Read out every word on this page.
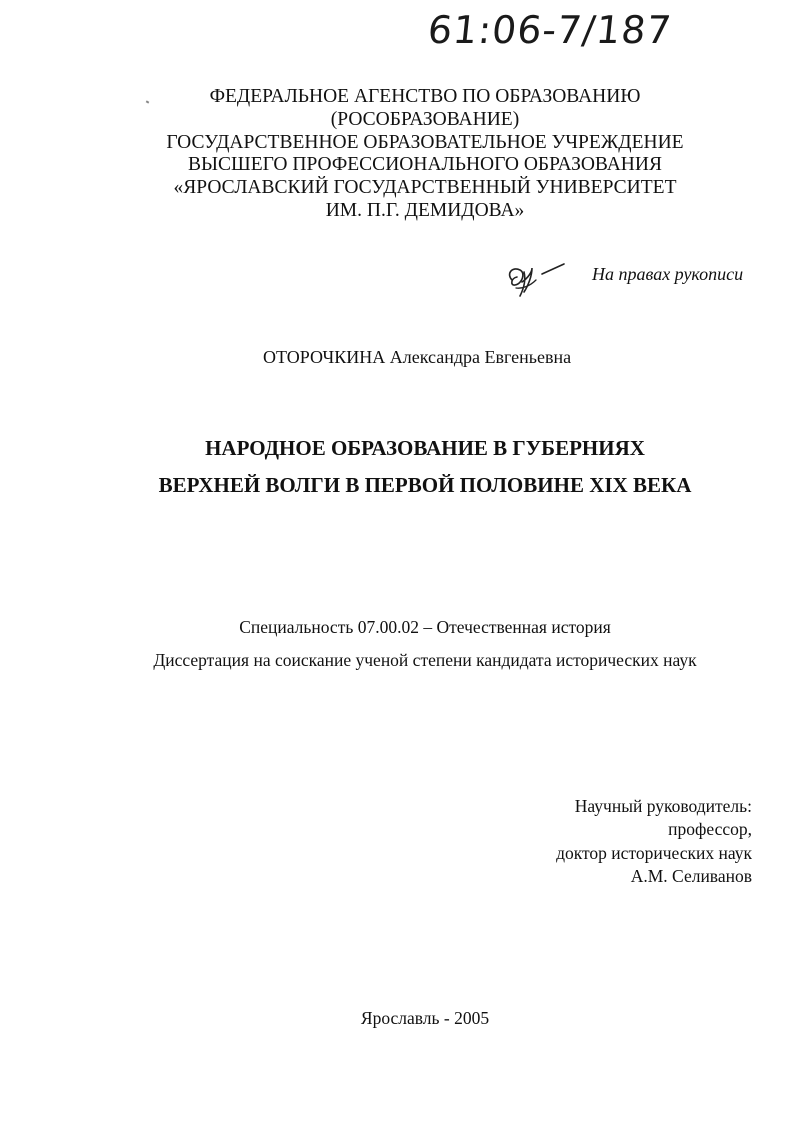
61:06-7/187
ФЕДЕРАЛЬНОЕ АГЕНСТВО ПО ОБРАЗОВАНИЮ
(РОСОБРАЗОВАНИЕ)
ГОСУДАРСТВЕННОЕ ОБРАЗОВАТЕЛЬНОЕ УЧРЕЖДЕНИЕ
ВЫСШЕГО ПРОФЕССИОНАЛЬНОГО ОБРАЗОВАНИЯ
«ЯРОСЛАВСКИЙ ГОСУДАРСТВЕННЫЙ УНИВЕРСИТЕТ
ИМ. П.Г. ДЕМИДОВА»
На правах рукописи
ОТОРОЧКИНА Александра Евгеньевна
НАРОДНОЕ ОБРАЗОВАНИЕ В ГУБЕРНИЯХ
ВЕРХНЕЙ ВОЛГИ В ПЕРВОЙ ПОЛОВИНЕ XIX ВЕКА
Специальность 07.00.02 – Отечественная история
Диссертация на соискание ученой степени кандидата исторических наук
Научный руководитель:
профессор,
доктор исторических наук
А.М. Селиванов
Ярославль - 2005
